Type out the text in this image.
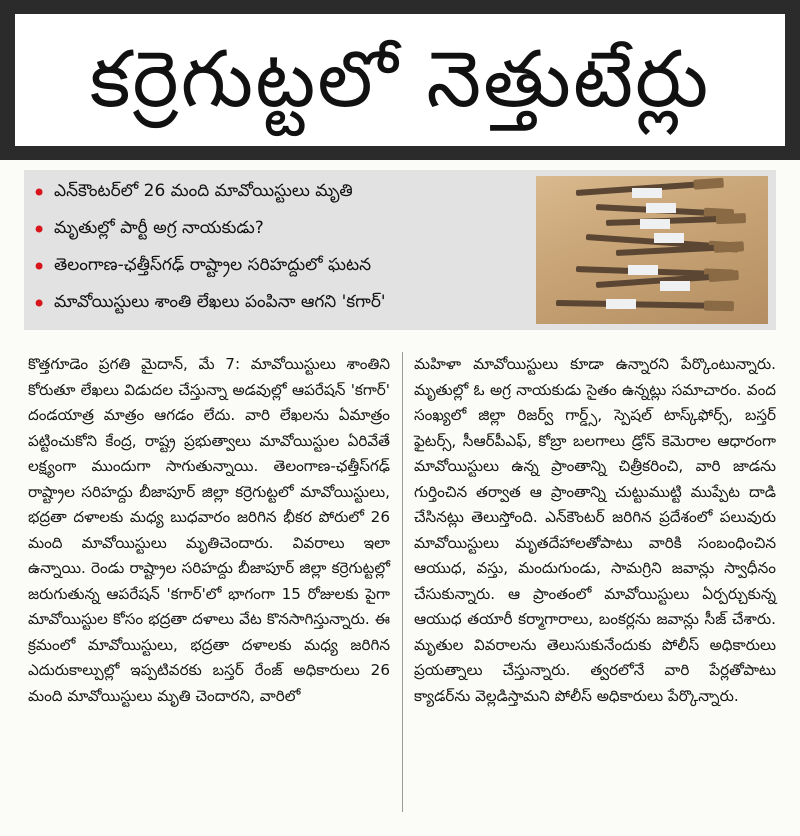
కర్రెగుట్టలో నెత్తుటేర్లు
• ఎన్‌కౌంటర్‌లో 26 మంది మావోయిస్టులు మృతి
• మృతుల్లో పార్టీ అగ్ర నాయకుడు?
• తెలంగాణ-ఛత్తీస్‌గఢ్ రాష్ట్రాల సరిహద్దులో ఘటన
• మావోయిస్టులు శాంతి లేఖలు పంపినా ఆగని 'కగార్'

కొత్తగూడెం ప్రగతి మైదాన్, మే 7: మావోయిస్టులు శాంతిని కోరుతూ లేఖలు విడుదల చేస్తున్నా అడవుల్లో ఆపరేషన్ 'కగార్' దండయాత్ర మాత్రం ఆగడం లేదు. వారి లేఖలను ఏమాత్రం పట్టించుకోని కేంద్ర, రాష్ట్ర ప్రభుత్వాలు మావోయిస్టుల ఏరివేతే లక్ష్యంగా ముందుగా సాగుతున్నాయి. తెలంగాణ-ఛత్తీస్‌గఢ్ రాష్ట్రాల సరిహద్దు బీజాపూర్ జిల్లా కర్రెగుట్టలో మావోయిస్టులు, భద్రతా దళాలకు మధ్య బుధవారం జరిగిన భీకర పోరులో 26 మంది మావోయిస్టులు మృతిచెందారు. వివరాలు ఇలా ఉన్నాయి. రెండు రాష్ట్రాల సరిహద్దు బీజాపూర్ జిల్లా కర్రెగుట్టల్లో జరుగుతున్న ఆపరేషన్ 'కగార్'లో భాగంగా 15 రోజులకు పైగా మావోయిస్టుల కోసం భద్రతా దళాలు వేట కొనసాగిస్తున్నారు. ఈ క్రమంలో మావోయిస్టులు, భద్రతా దళాలకు మధ్య జరిగిన ఎదురుకాల్పుల్లో ఇప్పటివరకు బస్తర్ రేంజ్ అధికారులు 26 మంది మావోయిస్టులు మృతి చెందారని, వారిలో

మహిళా మావోయిస్టులు కూడా ఉన్నారని పేర్కొంటున్నారు. మృతుల్లో ఓ అగ్ర నాయకుడు సైతం ఉన్నట్లు సమాచారం. వంద సంఖ్యలో జిల్లా రిజర్వ్ గార్డ్స్, స్పెషల్ టాస్క్‌ఫోర్స్, బస్తర్ ఫైటర్స్, సీఆర్‌పీఎఫ్, కోబ్రా బలగాలు డ్రోన్ కెమెరాల ఆధారంగా మావోయిస్టులు ఉన్న ప్రాంతాన్ని చిత్రీకరించి, వారి జాడను గుర్తించిన తర్వాత ఆ ప్రాంతాన్ని చుట్టుముట్టి ముప్పేట దాడి చేసినట్లు తెలుస్తోంది. ఎన్‌కౌంటర్ జరిగిన ప్రదేశంలో పలువురు మావోయిస్టులు మృతదేహాలతోపాటు వారికి సంబంధించిన ఆయుధ, వస్తు, మందుగుండు, సామగ్రిని జవాన్లు స్వాధీనం చేసుకున్నారు. ఆ ప్రాంతంలో మావోయిస్టులు ఏర్పర్చుకున్న ఆయుధ తయారీ కర్మాగారాలు, బంకర్లను జవాన్లు సీజ్ చేశారు. మృతుల వివరాలను తెలుసుకునేందుకు పోలీస్ అధికారులు ప్రయత్నాలు చేస్తున్నారు. త్వరలోనే వారి పేర్లతోపాటు క్యాడర్‌ను వెల్లడిస్తామని పోలీస్ అధికారులు పేర్కొన్నారు.
